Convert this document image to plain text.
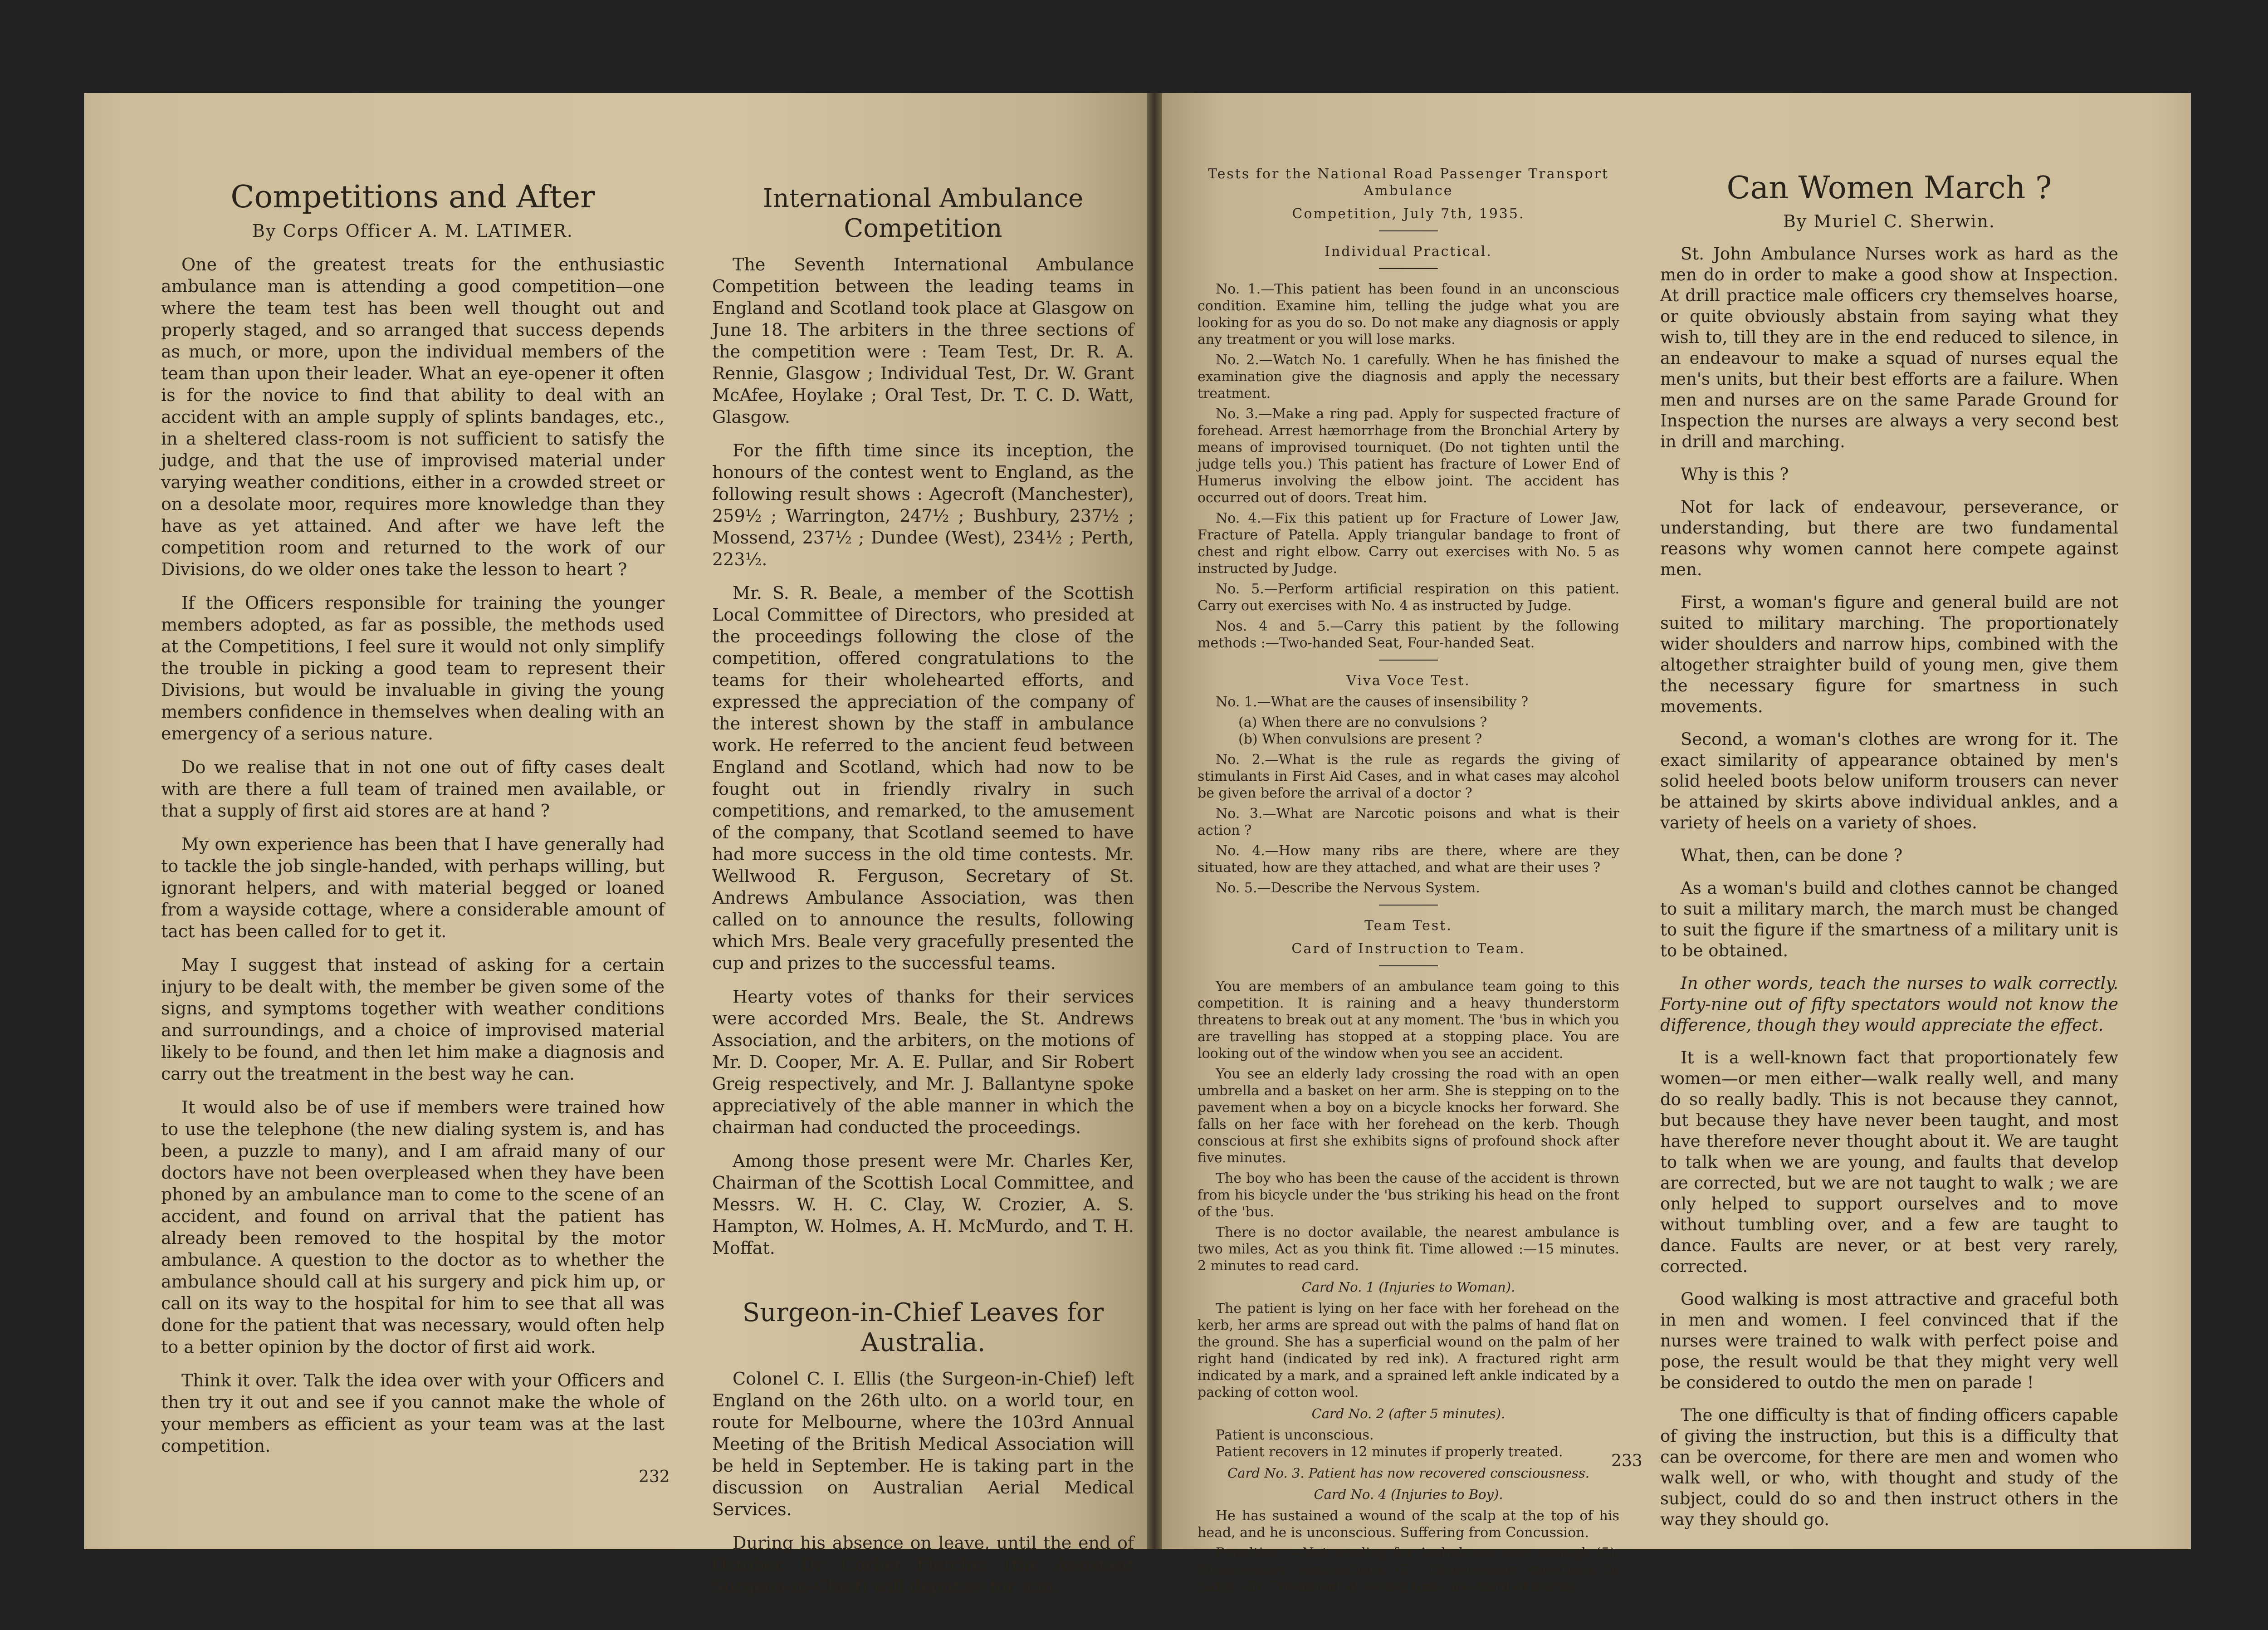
Competitions and After
By Corps Officer A. M. LATIMER.

One of the greatest treats for the enthusiastic ambulance man is attending a good competition—one where the team test has been well thought out and properly staged, and so arranged that success depends as much, or more, upon the individual members of the team than upon their leader. What an eye-opener it often is for the novice to find that ability to deal with an accident with an ample supply of splints bandages, etc., in a sheltered class-room is not sufficient to satisfy the judge, and that the use of improvised material under varying weather conditions, either in a crowded street or on a desolate moor, requires more knowledge than they have as yet attained. And after we have left the competition room and returned to the work of our Divisions, do we older ones take the lesson to heart ?

If the Officers responsible for training the younger members adopted, as far as possible, the methods used at the Competitions, I feel sure it would not only simplify the trouble in picking a good team to represent their Divisions, but would be invaluable in giving the young members confidence in themselves when dealing with an emergency of a serious nature.

Do we realise that in not one out of fifty cases dealt with are there a full team of trained men available, or that a supply of first aid stores are at hand ?

My own experience has been that I have generally had to tackle the job single-handed, with perhaps willing, but ignorant helpers, and with material begged or loaned from a wayside cottage, where a considerable amount of tact has been called for to get it.

May I suggest that instead of asking for a certain injury to be dealt with, the member be given some of the signs, and symptoms together with weather conditions and surroundings, and a choice of improvised material likely to be found, and then let him make a diagnosis and carry out the treatment in the best way he can.

It would also be of use if members were trained how to use the telephone (the new dialing system is, and has been, a puzzle to many), and I am afraid many of our doctors have not been overpleased when they have been phoned by an ambulance man to come to the scene of an accident, and found on arrival that the patient has already been removed to the hospital by the motor ambulance. A question to the doctor as to whether the ambulance should call at his surgery and pick him up, or call on its way to the hospital for him to see that all was done for the patient that was necessary, would often help to a better opinion by the doctor of first aid work.

Think it over. Talk the idea over with your Officers and then try it out and see if you cannot make the whole of your members as efficient as your team was at the last competition.

International Ambulance Competition

The Seventh International Ambulance Competition between the leading teams in England and Scotland took place at Glasgow on June 18. The arbiters in the three sections of the competition were : Team Test, Dr. R. A. Rennie, Glasgow ; Individual Test, Dr. W. Grant McAfee, Hoylake ; Oral Test, Dr. T. C. D. Watt, Glasgow.

For the fifth time since its inception, the honours of the contest went to England, as the following result shows : Agecroft (Manchester), 259½ ; Warrington, 247½ ; Bushbury, 237½ ; Mossend, 237½ ; Dundee (West), 234½ ; Perth, 223½.

Mr. S. R. Beale, a member of the Scottish Local Committee of Directors, who presided at the proceedings following the close of the competition, offered congratulations to the teams for their wholehearted efforts, and expressed the appreciation of the company of the interest shown by the staff in ambulance work. He referred to the ancient feud between England and Scotland, which had now to be fought out in friendly rivalry in such competitions, and remarked, to the amusement of the company, that Scotland seemed to have had more success in the old time contests. Mr. Wellwood R. Ferguson, Secretary of St. Andrews Ambulance Association, was then called on to announce the results, following which Mrs. Beale very gracefully presented the cup and prizes to the successful teams.

Hearty votes of thanks for their services were accorded Mrs. Beale, the St. Andrews Association, and the arbiters, on the motions of Mr. D. Cooper, Mr. A. E. Pullar, and Sir Robert Greig respectively, and Mr. J. Ballantyne spoke appreciatively of the able manner in which the chairman had conducted the proceedings.

Among those present were Mr. Charles Ker, Chairman of the Scottish Local Committee, and Messrs. W. H. C. Clay, W. Crozier, A. S. Hampton, W. Holmes, A. H. McMurdo, and T. H. Moffat.

Surgeon-in-Chief Leaves for Australia.

Colonel C. I. Ellis (the Surgeon-in-Chief) left England on the 26th ulto. on a world tour, en route for Melbourne, where the 103rd Annual Meeting of the British Medical Association will be held in September. He is taking part in the discussion on Australian Aerial Medical Services.

During his absence on leave, until the end of October, Dr. Corbet Fletcher (the Assistant Surgeon-in-Chief) will deputise for him.

232
Tests for the National Road Passenger Transport Ambulance
Competition, July 7th, 1935.
Individual Practical.

No. 1.—This patient has been found in an unconscious condition. Examine him, telling the judge what you are looking for as you do so. Do not make any diagnosis or apply any treatment or you will lose marks.

No. 2.—Watch No. 1 carefully. When he has finished the examination give the diagnosis and apply the necessary treatment.

No. 3.—Make a ring pad. Apply for suspected fracture of forehead. Arrest hæmorrhage from the Bronchial Artery by means of improvised tourniquet. (Do not tighten until the judge tells you.) This patient has fracture of Lower End of Humerus involving the elbow joint. The accident has occurred out of doors. Treat him.

No. 4.—Fix this patient up for Fracture of Lower Jaw, Fracture of Patella. Apply triangular bandage to front of chest and right elbow. Carry out exercises with No. 5 as instructed by Judge.

No. 5.—Perform artificial respiration on this patient. Carry out exercises with No. 4 as instructed by Judge.

Nos. 4 and 5.—Carry this patient by the following methods :—Two-handed Seat, Four-handed Seat.

Viva Voce Test.

No. 1.—What are the causes of insensibility ?

(a) When there are no convulsions ?

(b) When convulsions are present ?

No. 2.—What is the rule as regards the giving of stimulants in First Aid Cases, and in what cases may alcohol be given before the arrival of a doctor ?

No. 3.—What are Narcotic poisons and what is their action ?

No. 4.—How many ribs are there, where are they situated, how are they attached, and what are their uses ?

No. 5.—Describe the Nervous System.

Team Test.
Card of Instruction to Team.

You are members of an ambulance team going to this competition. It is raining and a heavy thunderstorm threatens to break out at any moment. The 'bus in which you are travelling has stopped at a stopping place. You are looking out of the window when you see an accident.

You see an elderly lady crossing the road with an open umbrella and a basket on her arm. She is stepping on to the pavement when a boy on a bicycle knocks her forward. She falls on her face with her forehead on the kerb. Though conscious at first she exhibits signs of profound shock after five minutes.

The boy who has been the cause of the accident is thrown from his bicycle under the 'bus striking his head on the front of the 'bus.

There is no doctor available, the nearest ambulance is two miles, Act as you think fit. Time allowed :—15 minutes. 2 minutes to read card.

Card No. 1 (Injuries to Woman).

The patient is lying on her face with her forehead on the kerb, her arms are spread out with the palms of hand flat on the ground. She has a superficial wound on the palm of her right hand (indicated by red ink). A fractured right arm indicated by a mark, and a sprained left ankle indicated by a packing of cotton wool.

Card No. 2 (after 5 minutes).

Patient is unconscious.

Patient recovers in 12 minutes if properly treated.

Card No. 3. Patient has now recovered consciousness.
Card No. 4 (Injuries to Boy).

He has sustained a wound of the scalp at the top of his head, and he is unconscious. Suffering from Concussion.

Penalties :—Not sending for Ambulance soon enough (5). Unnecessary explanations (5). Unnecessary questions to Judge (5). Treatment of wrong limb one-third of marks.

Can Women March ?
By Muriel C. Sherwin.

St. John Ambulance Nurses work as hard as the men do in order to make a good show at Inspection. At drill practice male officers cry themselves hoarse, or quite obviously abstain from saying what they wish to, till they are in the end reduced to silence, in an endeavour to make a squad of nurses equal the men's units, but their best efforts are a failure. When men and nurses are on the same Parade Ground for Inspection the nurses are always a very second best in drill and marching.

Why is this ?

Not for lack of endeavour, perseverance, or understanding, but there are two fundamental reasons why women cannot here compete against men.

First, a woman's figure and general build are not suited to military marching. The proportionately wider shoulders and narrow hips, combined with the altogether straighter build of young men, give them the necessary figure for smartness in such movements.

Second, a woman's clothes are wrong for it. The exact similarity of appearance obtained by men's solid heeled boots below uniform trousers can never be attained by skirts above individual ankles, and a variety of heels on a variety of shoes.

What, then, can be done ?

As a woman's build and clothes cannot be changed to suit a military march, the march must be changed to suit the figure if the smartness of a military unit is to be obtained.

In other words, teach the nurses to walk correctly. Forty-nine out of fifty spectators would not know the difference, though they would appreciate the effect.

It is a well-known fact that proportionately few women—or men either—walk really well, and many do so really badly. This is not because they cannot, but because they have never been taught, and most have therefore never thought about it. We are taught to talk when we are young, and faults that develop are corrected, but we are not taught to walk ; we are only helped to support ourselves and to move without tumbling over, and a few are taught to dance. Faults are never, or at best very rarely, corrected.

Good walking is most attractive and graceful both in men and women. I feel convinced that if the nurses were trained to walk with perfect poise and pose, the result would be that they might very well be considered to outdo the men on parade !

The one difficulty is that of finding officers capable of giving the instruction, but this is a difficulty that can be overcome, for there are men and women who walk well, or who, with thought and study of the subject, could do so and then instruct others in the way they should go.

233
